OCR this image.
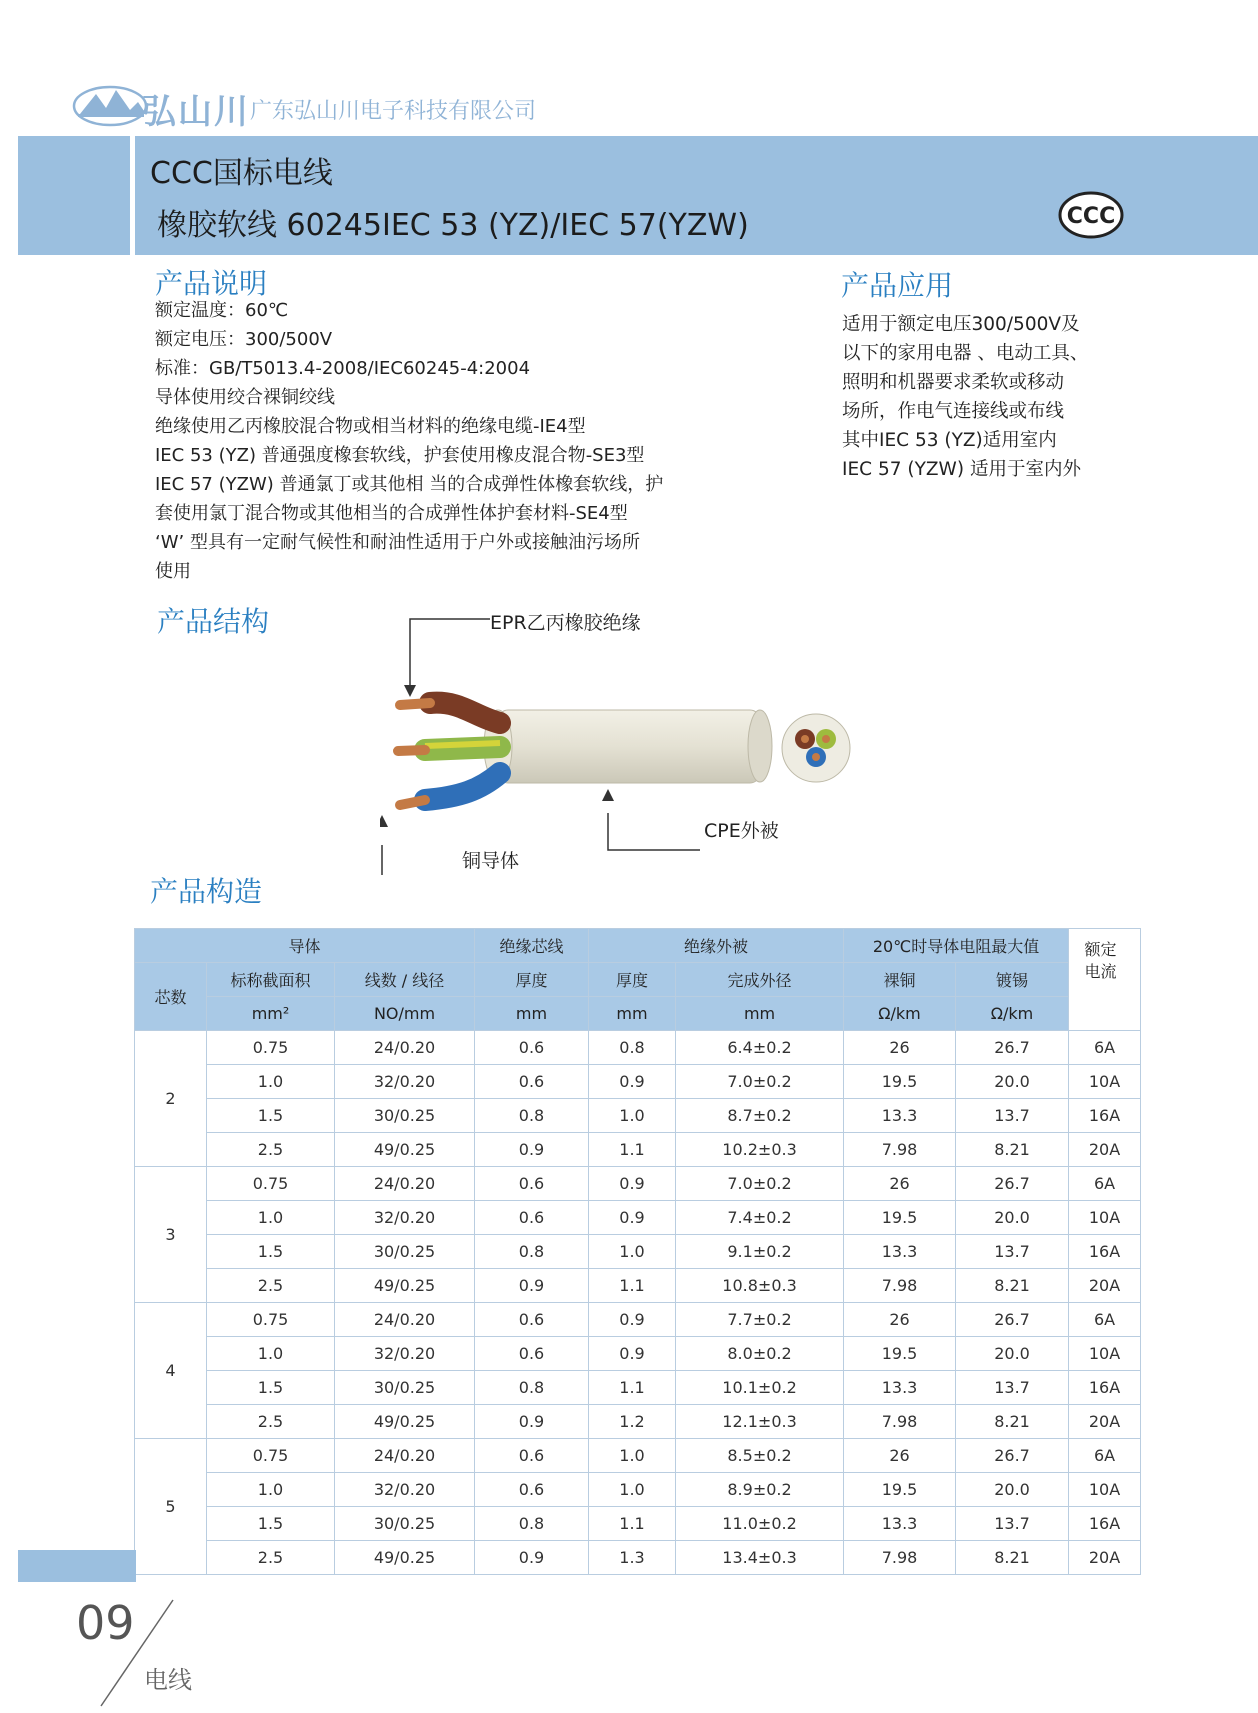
弘山川 广东弘山川电子科技有限公司
CCC国标电线
橡胶软线 60245IEC 53 (YZ)/IEC 57(YZW)	CCC
产品说明	产品应用
产品结构
产品构造
额定温度：60℃
额定电压：300/500V
标准：GB/T5013.4-2008/IEC60245-4:2004
导体使用绞合裸铜绞线
绝缘使用乙丙橡胶混合物或相当材料的绝缘电缆-IE4型
IEC 53 (YZ) 普通强度橡套软线，护套使用橡皮混合物-SE3型
IEC 57 (YZW) 普通氯丁或其他相 当的合成弹性体橡套软线，护
套使用氯丁混合物或其他相当的合成弹性体护套材料-SE4型
‘W’ 型具有一定耐气候性和耐油性适用于户外或接触油污场所
使用
适用于额定电压300/500V及
以下的家用电器 、电动工具、
照明和机器要求柔软或移动
场所，作电气连接线或布线
其中IEC 53 (YZ)适用室内
IEC 57 (YZW) 适用于室内外
EPR乙丙橡胶绝缘
CPE外被
铜导体
导体			绝缘芯线	绝缘外被		20℃时导体电阻最大值		额定电流

芯数	标称截面积	线数 / 线径	厚度	厚度	完成外径	裸铜	镀锡	
	mm²	NO/mm	mm	mm	mm	Ω/km	Ω/km	
2	0.75	24/0.20	0.6	0.8	6.4±0.2	26	26.7	6A
	1.0	32/0.20	0.6	0.9	7.0±0.2	19.5	20.0	10A
	1.5	30/0.25	0.8	1.0	8.7±0.2	13.3	13.7	16A
	2.5	49/0.25	0.9	1.1	10.2±0.3	7.98	8.21	20A
3	0.75	24/0.20	0.6	0.9	7.0±0.2	26	26.7	6A
	1.0	32/0.20	0.6	0.9	7.4±0.2	19.5	20.0	10A
	1.5	30/0.25	0.8	1.0	9.1±0.2	13.3	13.7	16A
	2.5	49/0.25	0.9	1.1	10.8±0.3	7.98	8.21	20A
4	0.75	24/0.20	0.6	0.9	7.7±0.2	26	26.7	6A
	1.0	32/0.20	0.6	0.9	8.0±0.2	19.5	20.0	10A
	1.5	30/0.25	0.8	1.1	10.1±0.2	13.3	13.7	16A
	2.5	49/0.25	0.9	1.2	12.1±0.3	7.98	8.21	20A
5	0.75	24/0.20	0.6	1.0	8.5±0.2	26	26.7	6A
	1.0	32/0.20	0.6	1.0	8.9±0.2	19.5	20.0	10A
	1.5	30/0.25	0.8	1.1	11.0±0.2	13.3	13.7	16A
	2.5	49/0.25	0.9	1.3	13.4±0.3	7.98	8.21	20A
09
电线
